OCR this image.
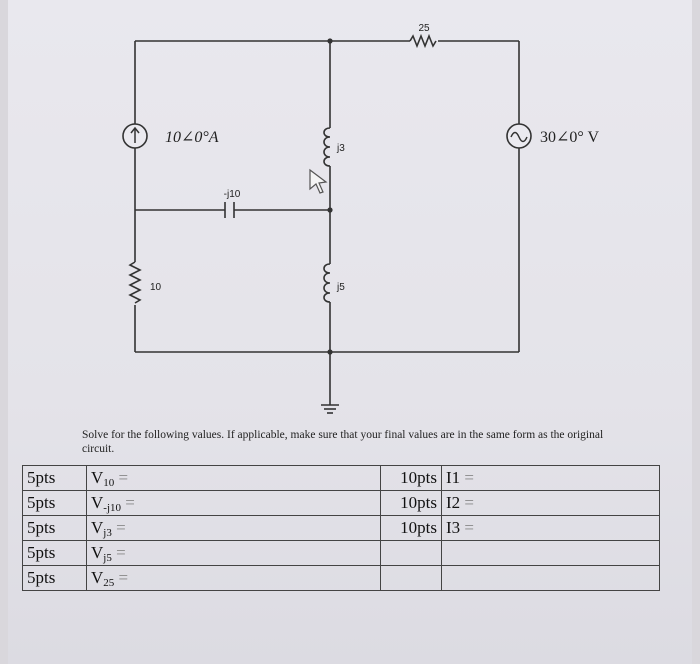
25
10∠0°A	30∠0° V
j3
-j10
10	j5
Solve for the following values. If applicable, make sure that your final values are in the same form as the original circuit.
5pts	$V_{10}$ =	10pts	I1 =
5pts	$V_{-j10}$ =	10pts	I2 =
5pts	$V_{j3}$ =	10pts	I3 =
5pts	$V_{j5}$ =		
5pts	$V_{25}$ =		
